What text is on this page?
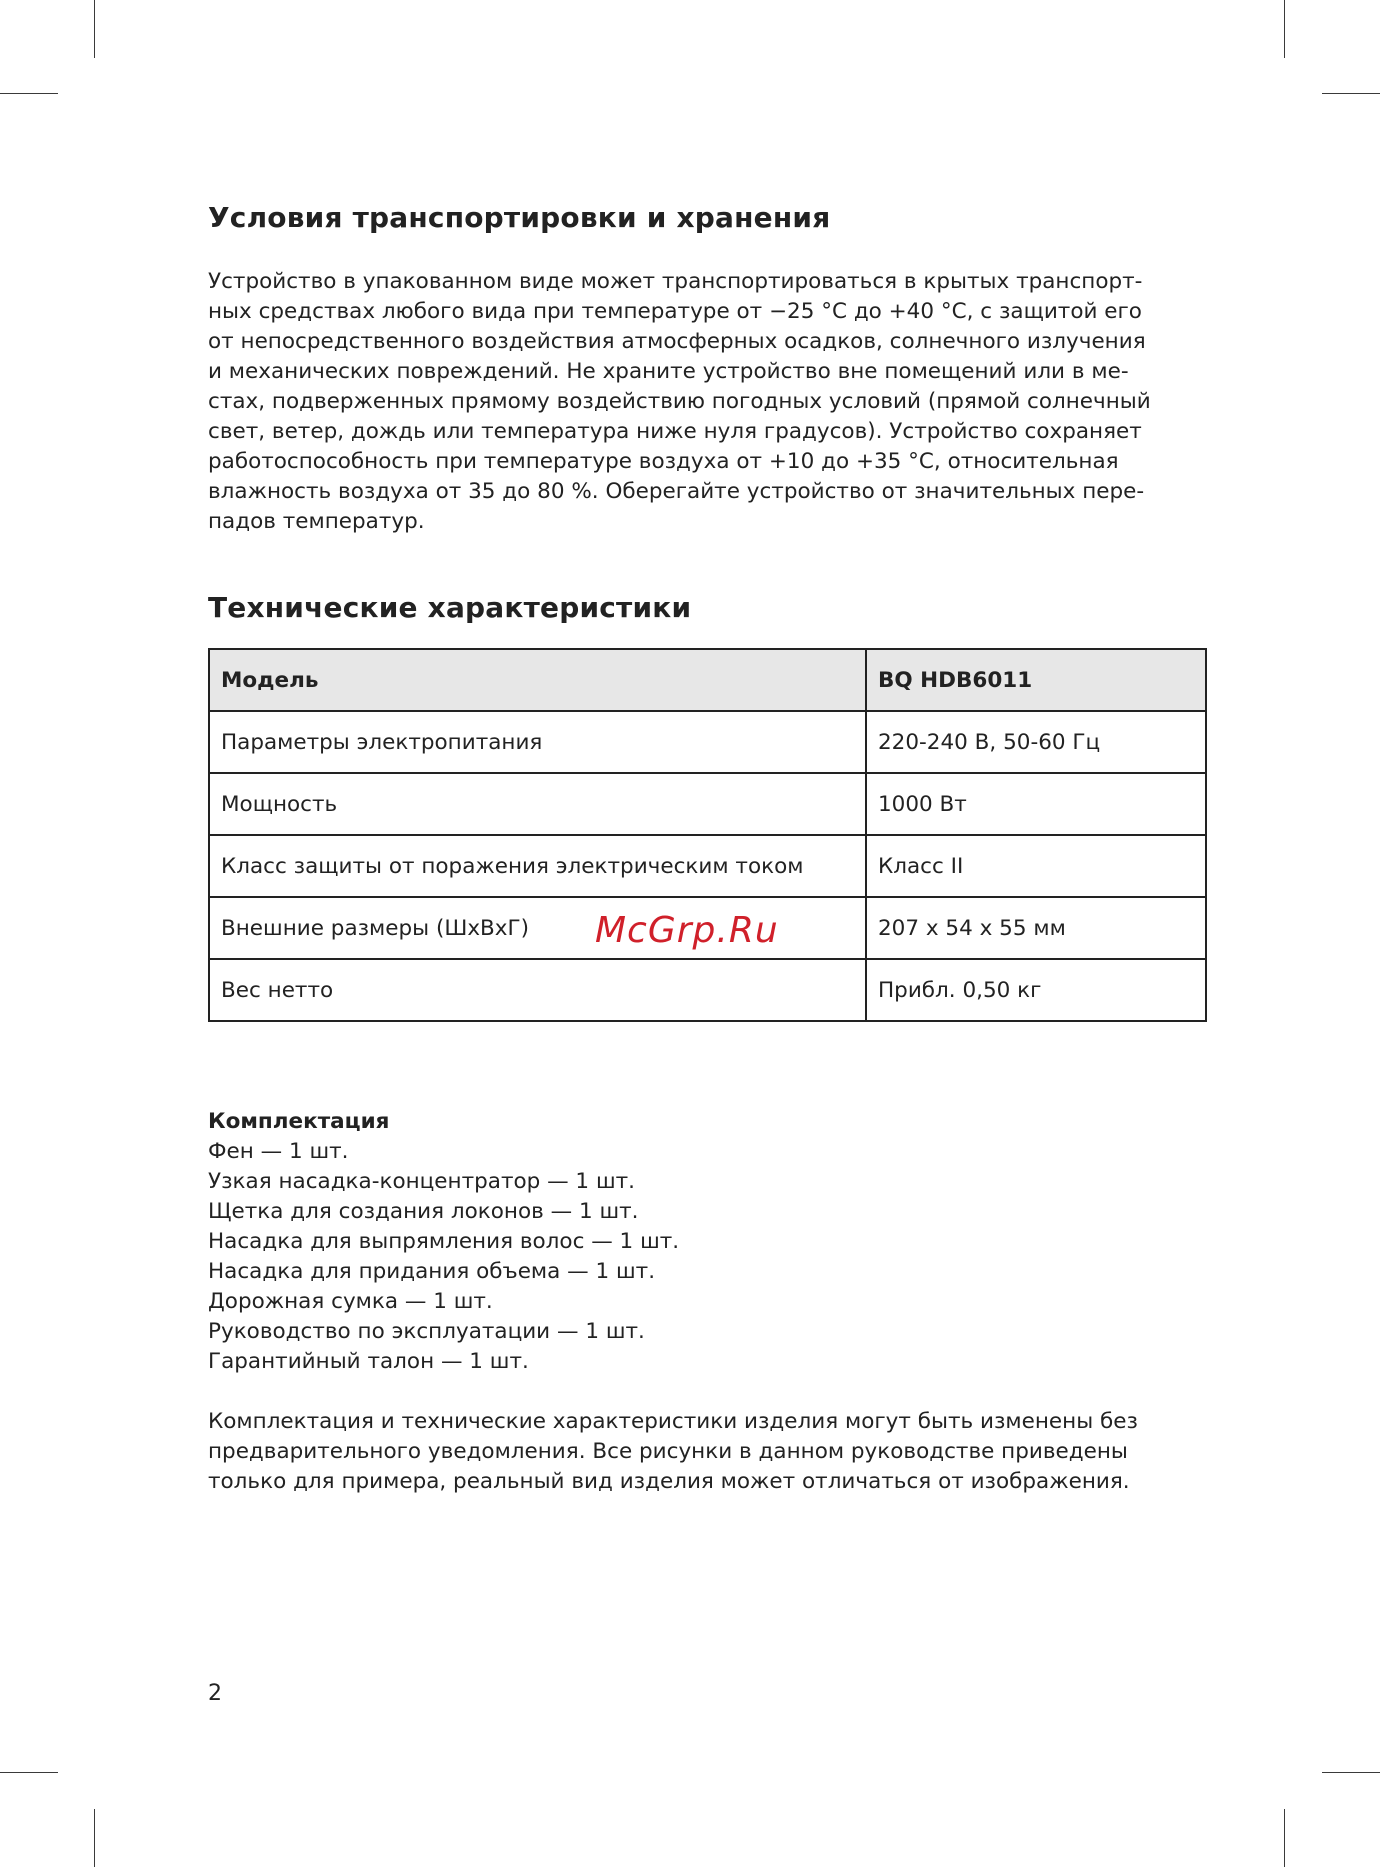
Условия транспортировки и хранения
Устройство в упакованном виде может транспортироваться в крытых транспорт-
ных средствах любого вида при температуре от −25 °С до +40 °С, с защитой его
от непосредственного воздействия атмосферных осадков, солнечного излучения
и механических повреждений. Не храните устройство вне помещений или в ме-
стах, подверженных прямому воздействию погодных условий (прямой солнечный
свет, ветер, дождь или температура ниже нуля градусов). Устройство сохраняет
работоспособность при температуре воздуха от +10 до +35 °С, относительная
влажность воздуха от 35 до 80 %. Оберегайте устройство от значительных пере-
падов температур.
Технические характеристики
Модель	BQ HDB6011
Параметры электропитания	220-240 В, 50-60 Гц
Мощность	1000 Вт
Класс защиты от поражения электрическим током	Класс II
Внешние размеры (ШхВхГ)	207 х 54 х 55 мм
Вес нетто	Прибл. 0,50 кг
McGrp.Ru
Комплектация
Фен — 1 шт.
Узкая насадка-концентратор — 1 шт.
Щетка для создания локонов — 1 шт.
Насадка для выпрямления волос — 1 шт.
Насадка для придания объема — 1 шт.
Дорожная сумка — 1 шт.
Руководство по эксплуатации — 1 шт.
Гарантийный талон — 1 шт.
Комплектация и технические характеристики изделия могут быть изменены без
предварительного уведомления. Все рисунки в данном руководстве приведены
только для примера, реальный вид изделия может отличаться от изображения.
2
